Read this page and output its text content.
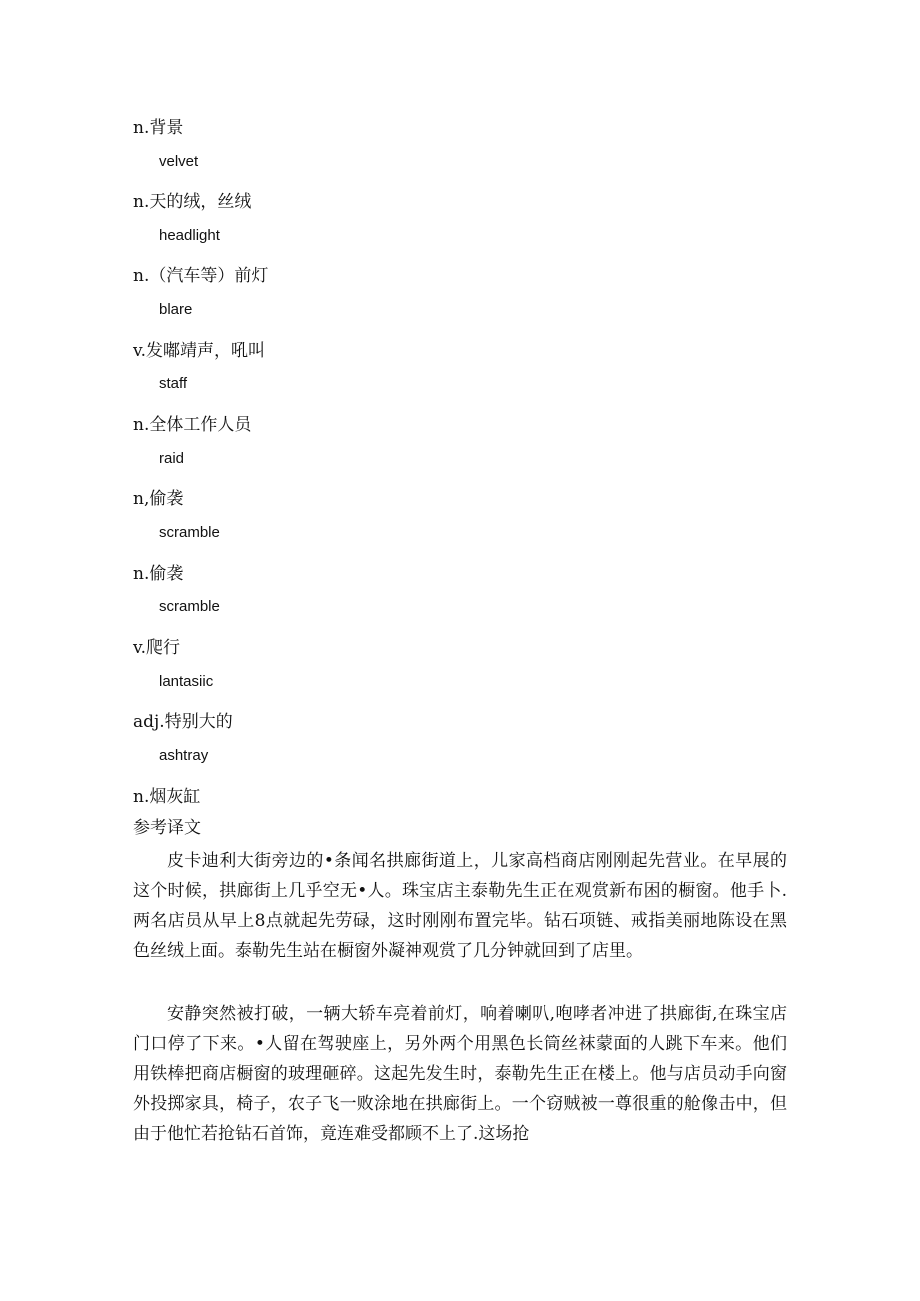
n.背景
velvet
n.天的绒，丝绒
headlight
n.（汽车等）前灯
blare
v.发嘟靖声，吼叫
staff
n.全体工作人员
raid
n,偷袭
scramble
n.偷袭
scramble
v.爬行
lantasiic
adj.特别大的
ashtray
n.烟灰缸
参考译文

皮卡迪利大街旁边的•条闻名拱廊街道上，儿家高档商店刚刚起先营业。在早展的这个时候，拱廊街上几乎空无•人。珠宝店主泰勒先生正在观赏新布困的橱窗。他手卜.两名店员从早上8点就起先劳碌，这时刚刚布置完毕。钻石项链、戒指美丽地陈设在黑色丝绒上面。泰勒先生站在橱窗外凝神观赏了几分钟就回到了店里。

安静突然被打破，一辆大轿车亮着前灯，响着喇叭,咆哮者冲进了拱廊街,在珠宝店门口停了下来。•人留在驾驶座上，另外两个用黑色长筒丝袜蒙面的人跳下车来。他们用铁棒把商店橱窗的玻理砸碎。这起先发生时，泰勒先生正在楼上。他与店员动手向窗外投掷家具，椅子，农子飞一败涂地在拱廊街上。一个窃贼被一尊很重的舱像击中，但由于他忙若抢钻石首饰，竟连难受都顾不上了.这场抢
